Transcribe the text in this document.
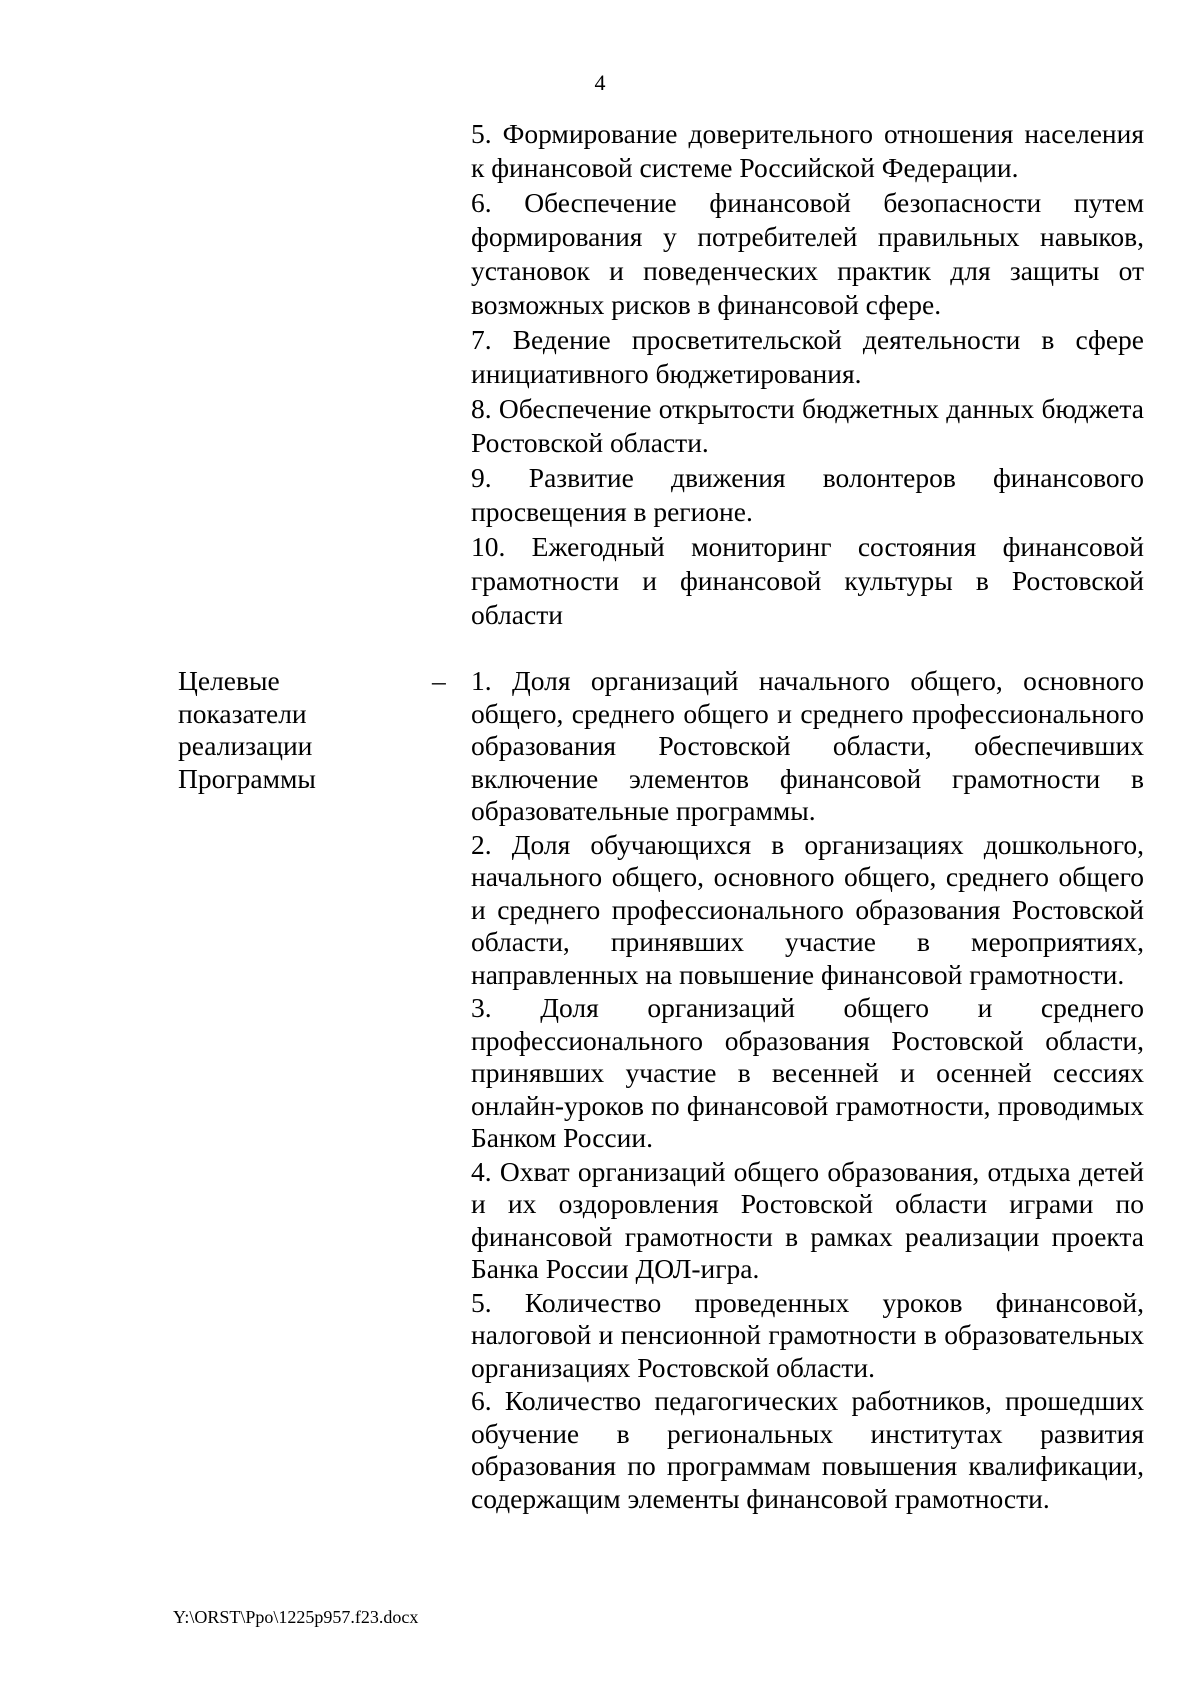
4

5. Формирование доверительного отношения населения к финансовой системе Российской Федерации.

6. Обеспечение финансовой безопасности путем формирования у потребителей правильных навыков, установок и поведенческих практик для защиты от возможных рисков в финансовой сфере.

7. Ведение просветительской деятельности в сфере инициативного бюджетирования.

8. Обеспечение открытости бюджетных данных бюджета Ростовской области.

9. Развитие движения волонтеров финансового просвещения в регионе.

10. Ежегодный мониторинг состояния финансовой грамотности и финансовой культуры в Ростовской области

Целевые
показатели
реализации
Программы
– 1. Доля организаций начального общего, основного общего, среднего общего и среднего профессионального образования Ростовской области, обеспечивших включение элементов финансовой грамотности в образовательные программы.

2. Доля обучающихся в организациях дошкольного, начального общего, основного общего, среднего общего и среднего профессионального образования Ростовской области, принявших участие в мероприятиях, направленных на повышение финансовой грамотности.

3. Доля организаций общего и среднего профессионального образования Ростовской области, принявших участие в весенней и осенней сессиях онлайн-уроков по финансовой грамотности, проводимых Банком России.

4. Охват организаций общего образования, отдыха детей и их оздоровления Ростовской области играми по финансовой грамотности в рамках реализации проекта Банка России ДОЛ-игра.

5. Количество проведенных уроков финансовой, налоговой и пенсионной грамотности в образовательных организациях Ростовской области.

6. Количество педагогических работников, прошедших обучение в региональных институтах развития образования по программам повышения квалификации, содержащим элементы финансовой грамотности.

Y:\ORST\Ppo\1225p957.f23.docx
